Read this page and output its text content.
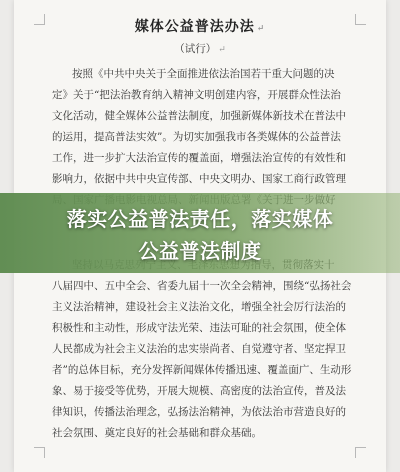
媒体公益普法办法 ↵
（试行） ↵
按照《中共中央关于全面推进依法治国若干重大问题的决
定》关于“把法治教育纳入精神文明创建内容，开展群众性法治
文化活动，健全媒体公益普法制度，加强新媒体新技术在普法中
的运用，提高普法实效”。为切实加强我市各类媒体的公益普法
工作，进一步扩大法治宣传的覆盖面，增强法治宣传的有效性和
影响力，依据中共中央宣传部、中央文明办、国家工商行政管理
八届四中、五中全会、省委九届十一次全会精神，围绕“弘扬社会
主义法治精神，建设社会主义法治文化，增强全社会厉行法治的
积极性和主动性，形成守法光荣、违法可耻的社会氛围，使全体
人民都成为社会主义法治的忠实崇尚者、自觉遵守者、坚定捍卫
者”的总体目标，充分发挥新闻媒体传播迅速、覆盖面广、生动形
象、易于接受等优势，开展大规模、高密度的法治宣传，普及法
律知识，传播法治理念，弘扬法治精神，为依法治市营造良好的
社会氛围、奠定良好的社会基础和群众基础。
落实公益普法责任，落实媒体
公益普法制度
